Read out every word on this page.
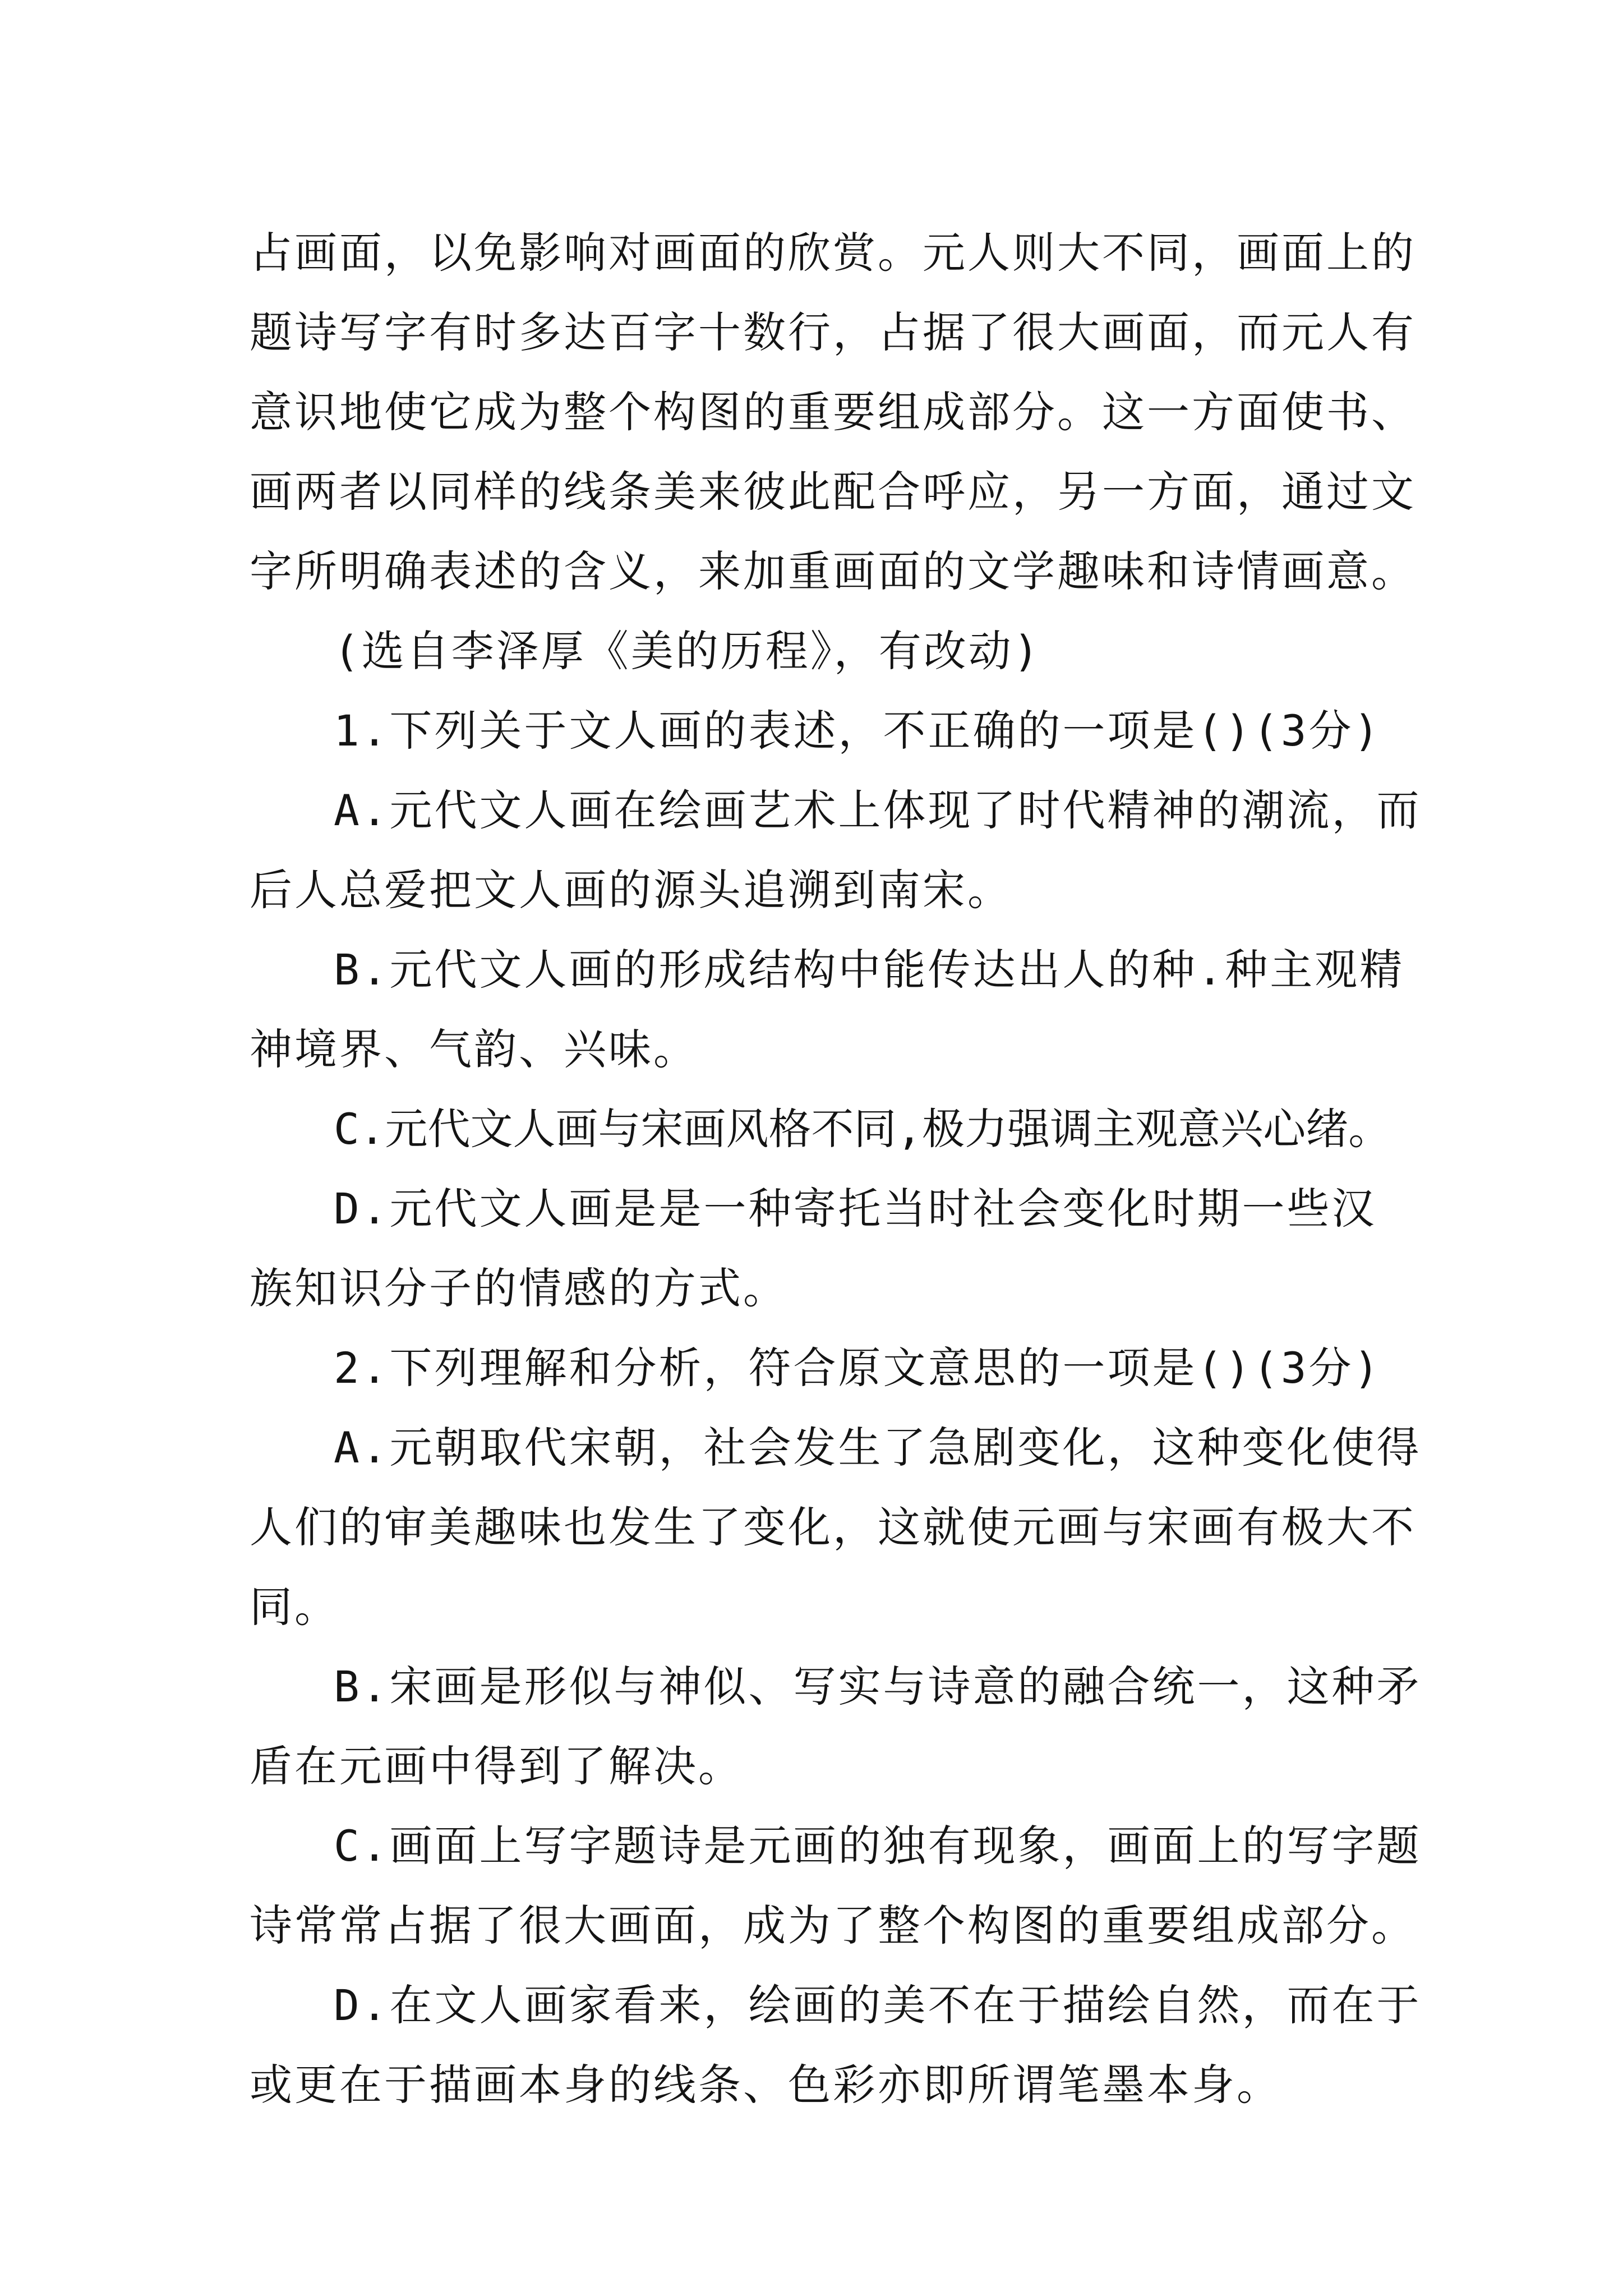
占画面，以免影响对画面的欣赏。元人则大不同，画面上的
题诗写字有时多达百字十数行，占据了很大画面，而元人有
意识地使它成为整个构图的重要组成部分。这一方面使书、
画两者以同样的线条美来彼此配合呼应，另一方面，通过文
字所明确表述的含义，来加重画面的文学趣味和诗情画意。
(选自李泽厚《美的历程》，有改动)
1.下列关于文人画的表述，不正确的一项是()(3分)
A.元代文人画在绘画艺术上体现了时代精神的潮流，而
后人总爱把文人画的源头追溯到南宋。
B.元代文人画的形成结构中能传达出人的种.种主观精
神境界、气韵、兴味。
C.元代文人画与宋画风格不同,极力强调主观意兴心绪。
D.元代文人画是是一种寄托当时社会变化时期一些汉
族知识分子的情感的方式。
2.下列理解和分析，符合原文意思的一项是()(3分)
A.元朝取代宋朝，社会发生了急剧变化，这种变化使得
人们的审美趣味也发生了变化，这就使元画与宋画有极大不
同。
B.宋画是形似与神似、写实与诗意的融合统一，这种矛
盾在元画中得到了解决。
C.画面上写字题诗是元画的独有现象，画面上的写字题
诗常常占据了很大画面，成为了整个构图的重要组成部分。
D.在文人画家看来，绘画的美不在于描绘自然，而在于
或更在于描画本身的线条、色彩亦即所谓笔墨本身。
